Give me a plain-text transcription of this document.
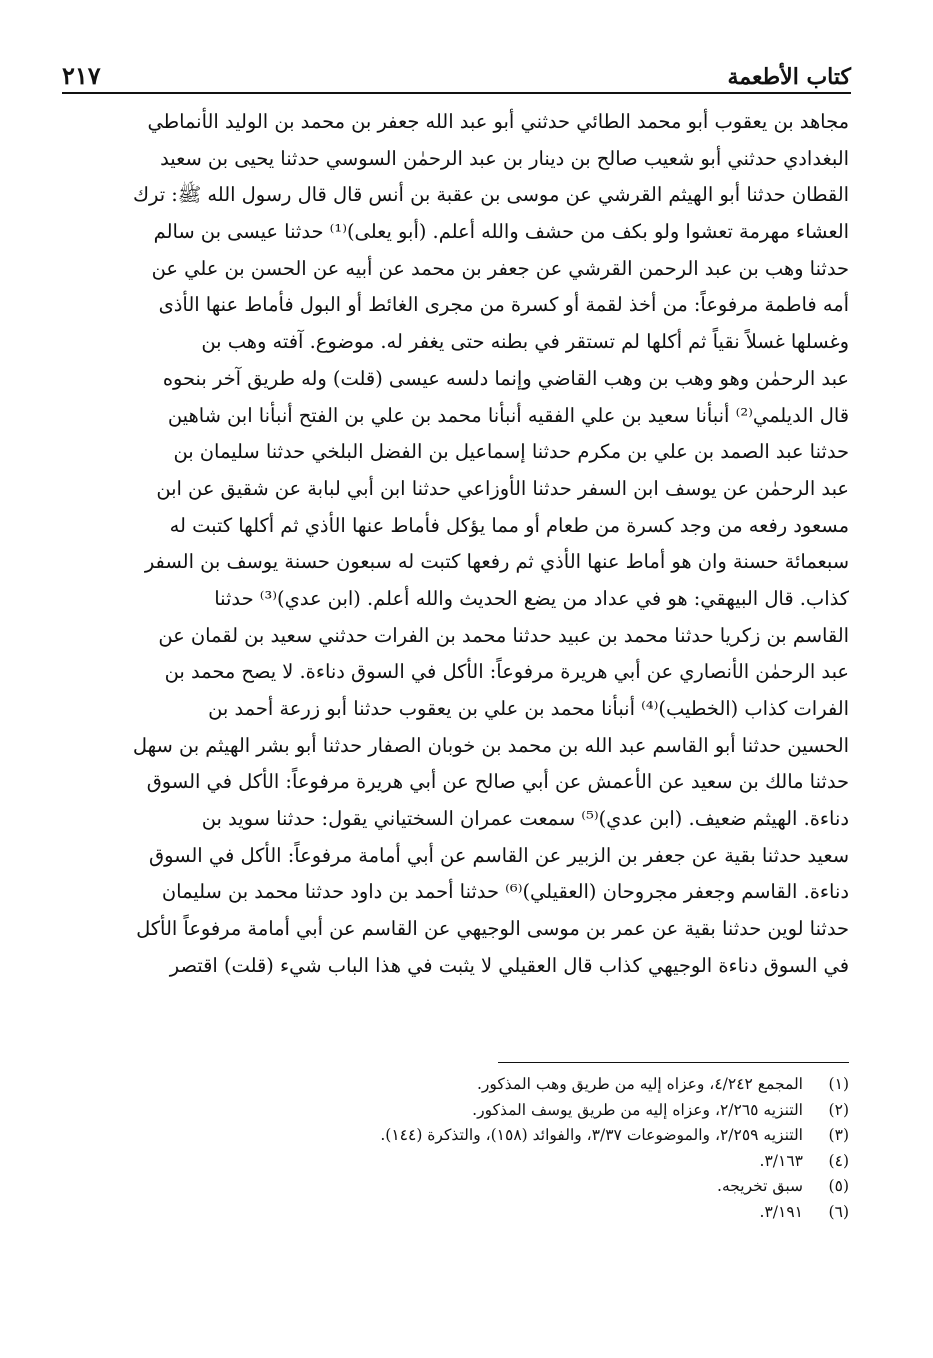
كتاب الأطعمة
٢١٧
مجاهد بن يعقوب أبو محمد الطائي حدثني أبو عبد الله جعفر بن محمد بن الوليد الأنماطي
البغدادي حدثني أبو شعيب صالح بن دينار بن عبد الرحمٰن السوسي حدثنا يحيى بن سعيد
القطان حدثنا أبو الهيثم القرشي عن موسى بن عقبة بن أنس قال قال رسول الله ﷺ: ترك
العشاء مهرمة تعشوا ولو بكف من حشف والله أعلم. (أبو يعلى)⁽¹⁾ حدثنا عيسى بن سالم
حدثنا وهب بن عبد الرحمن القرشي عن جعفر بن محمد عن أبيه عن الحسن بن علي عن
أمه فاطمة مرفوعاً: من أخذ لقمة أو كسرة من مجرى الغائط أو البول فأماط عنها الأذى
وغسلها غسلاً نقياً ثم أكلها لم تستقر في بطنه حتى يغفر له. موضوع. آفته وهب بن
عبد الرحمٰن وهو وهب بن وهب القاضي وإنما دلسه عيسى (قلت) وله طريق آخر بنحوه
قال الديلمي⁽²⁾ أنبأنا سعيد بن علي الفقيه أنبأنا محمد بن علي بن الفتح أنبأنا ابن شاهين
حدثنا عبد الصمد بن علي بن مكرم حدثنا إسماعيل بن الفضل البلخي حدثنا سليمان بن
عبد الرحمٰن عن يوسف ابن السفر حدثنا الأوزاعي حدثنا ابن أبي لبابة عن شقيق عن ابن
مسعود رفعه من وجد كسرة من طعام أو مما يؤكل فأماط عنها الأذي ثم أكلها كتبت له
سبعمائة حسنة وان هو أماط عنها الأذي ثم رفعها كتبت له سبعون حسنة يوسف بن السفر
كذاب. قال البيهقي: هو في عداد من يضع الحديث والله أعلم. (ابن عدي)⁽³⁾ حدثنا
القاسم بن زكريا حدثنا محمد بن عبيد حدثنا محمد بن الفرات حدثني سعيد بن لقمان عن
عبد الرحمٰن الأنصاري عن أبي هريرة مرفوعاً: الأكل في السوق دناءة. لا يصح محمد بن
الفرات كذاب (الخطيب)⁽⁴⁾ أنبأنا محمد بن علي بن يعقوب حدثنا أبو زرعة أحمد بن
الحسين حدثنا أبو القاسم عبد الله بن محمد بن خوبان الصفار حدثنا أبو بشر الهيثم بن سهل
حدثنا مالك بن سعيد عن الأعمش عن أبي صالح عن أبي هريرة مرفوعاً: الأكل في السوق
دناءة. الهيثم ضعيف. (ابن عدي)⁽⁵⁾ سمعت عمران السختياني يقول: حدثنا سويد بن
سعيد حدثنا بقية عن جعفر بن الزبير عن القاسم عن أبي أمامة مرفوعاً: الأكل في السوق
دناءة. القاسم وجعفر مجروحان (العقيلي)⁽⁶⁾ حدثنا أحمد بن داود حدثنا محمد بن سليمان
حدثنا لوين حدثنا بقية عن عمر بن موسى الوجيهي عن القاسم عن أبي أمامة مرفوعاً الأكل
في السوق دناءة الوجيهي كذاب قال العقيلي لا يثبت في هذا الباب شيء (قلت) اقتصر
(١)
المجمع ٤/٢٤٢، وعزاه إليه من طريق وهب المذكور.
(٢)
التنزيه ٢/٢٦٥، وعزاه إليه من طريق يوسف المذكور.
(٣)
التنزيه ٢/٢٥٩، والموضوعات ٣/٣٧، والفوائد (١٥٨)، والتذكرة (١٤٤).
(٤)
٣/١٦٣.
(٥)
سبق تخريجه.
(٦)
٣/١٩١.
